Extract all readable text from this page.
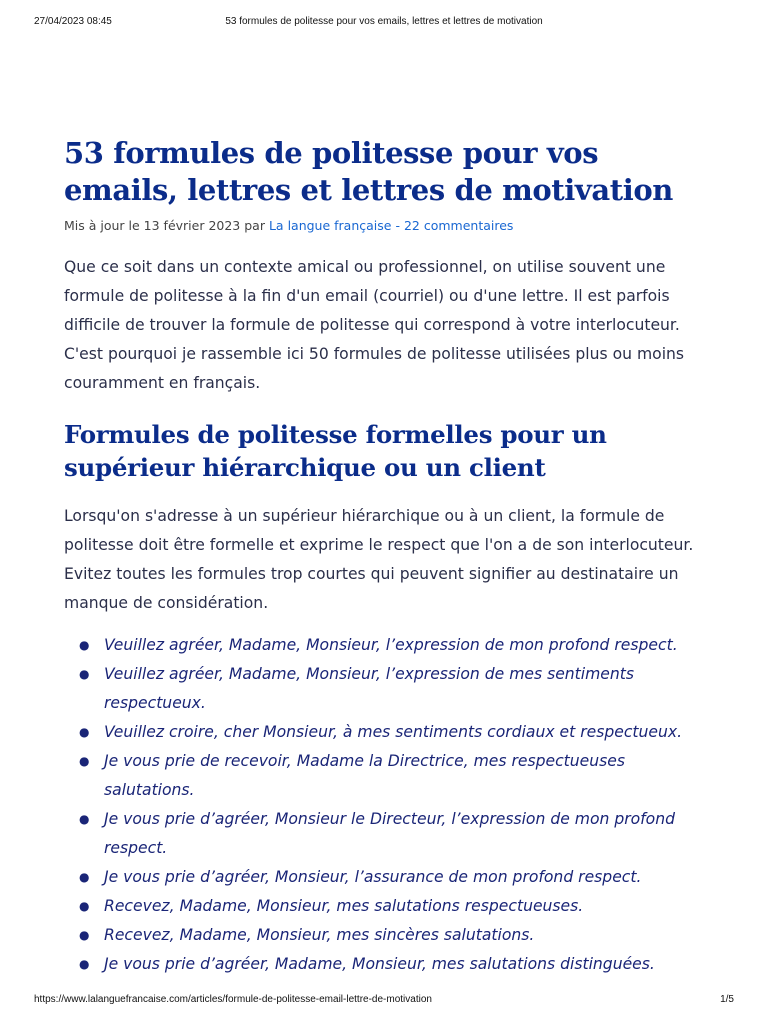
27/04/2023 08:45	53 formules de politesse pour vos emails, lettres et lettres de motivation
53 formules de politesse pour vos emails, lettres et lettres de motivation

Mis à jour le 13 février 2023 par La langue française - 22 commentaires

Que ce soit dans un contexte amical ou professionnel, on utilise souvent une formule de politesse à la fin d'un email (courriel) ou d'une lettre. Il est parfois difficile de trouver la formule de politesse qui correspond à votre interlocuteur. C'est pourquoi je rassemble ici 50 formules de politesse utilisées plus ou moins couramment en français.

Formules de politesse formelles pour un supérieur hiérarchique ou un client

Lorsqu'on s'adresse à un supérieur hiérarchique ou à un client, la formule de politesse doit être formelle et exprime le respect que l'on a de son interlocuteur. Evitez toutes les formules trop courtes qui peuvent signifier au destinataire un manque de considération.

● Veuillez agréer, Madame, Monsieur, l’expression de mon profond respect.
● Veuillez agréer, Madame, Monsieur, l’expression de mes sentiments respectueux.
● Veuillez croire, cher Monsieur, à mes sentiments cordiaux et respectueux.
● Je vous prie de recevoir, Madame la Directrice, mes respectueuses salutations.
● Je vous prie d’agréer, Monsieur le Directeur, l’expression de mon profond respect.
● Je vous prie d’agréer, Monsieur, l’assurance de mon profond respect.
● Recevez, Madame, Monsieur, mes salutations respectueuses.
● Recevez, Madame, Monsieur, mes sincères salutations.
● Je vous prie d’agréer, Madame, Monsieur, mes salutations distinguées.
https://www.lalanguefrancaise.com/articles/formule-de-politesse-email-lettre-de-motivation	1/5
